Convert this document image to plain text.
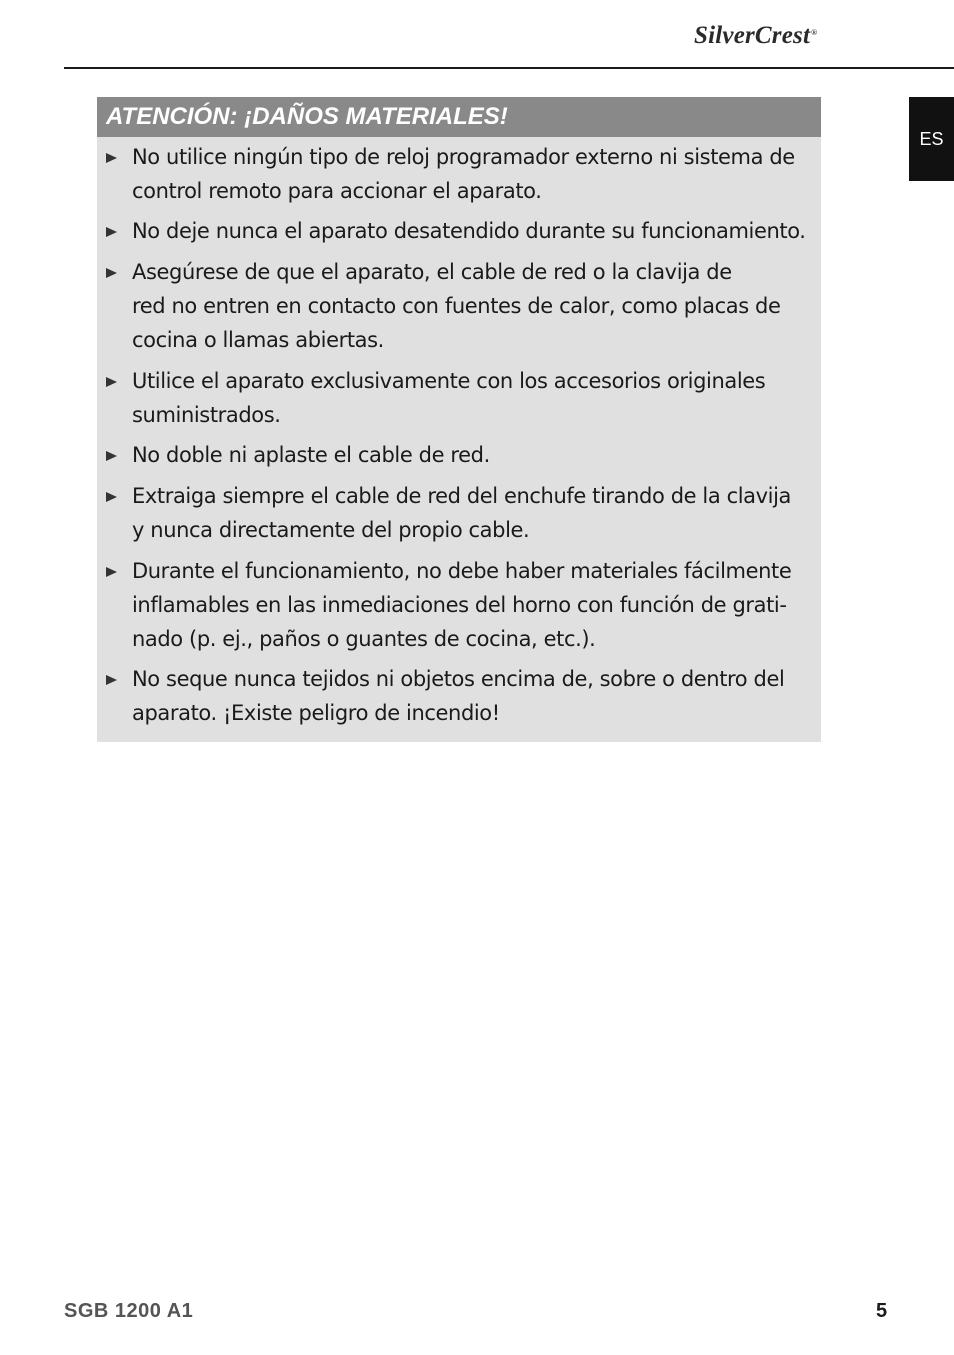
SilverCrest®
ES
ATENCIÓN: ¡DAÑOS MATERIALES!
No utilice ningún tipo de reloj programador externo ni sistema de
control remoto para accionar el aparato.
No deje nunca el aparato desatendido durante su funcionamiento.
Asegúrese de que el aparato, el cable de red o la clavija de
red no entren en contacto con fuentes de calor, como placas de
cocina o llamas abiertas.
Utilice el aparato exclusivamente con los accesorios originales
suministrados.
No doble ni aplaste el cable de red.
Extraiga siempre el cable de red del enchufe tirando de la clavija
y nunca directamente del propio cable.
Durante el funcionamiento, no debe haber materiales fácilmente
inflamables en las inmediaciones del horno con función de grati-
nado (p. ej., paños o guantes de cocina, etc.).
No seque nunca tejidos ni objetos encima de, sobre o dentro del
aparato. ¡Existe peligro de incendio!
SGB 1200 A1	5
